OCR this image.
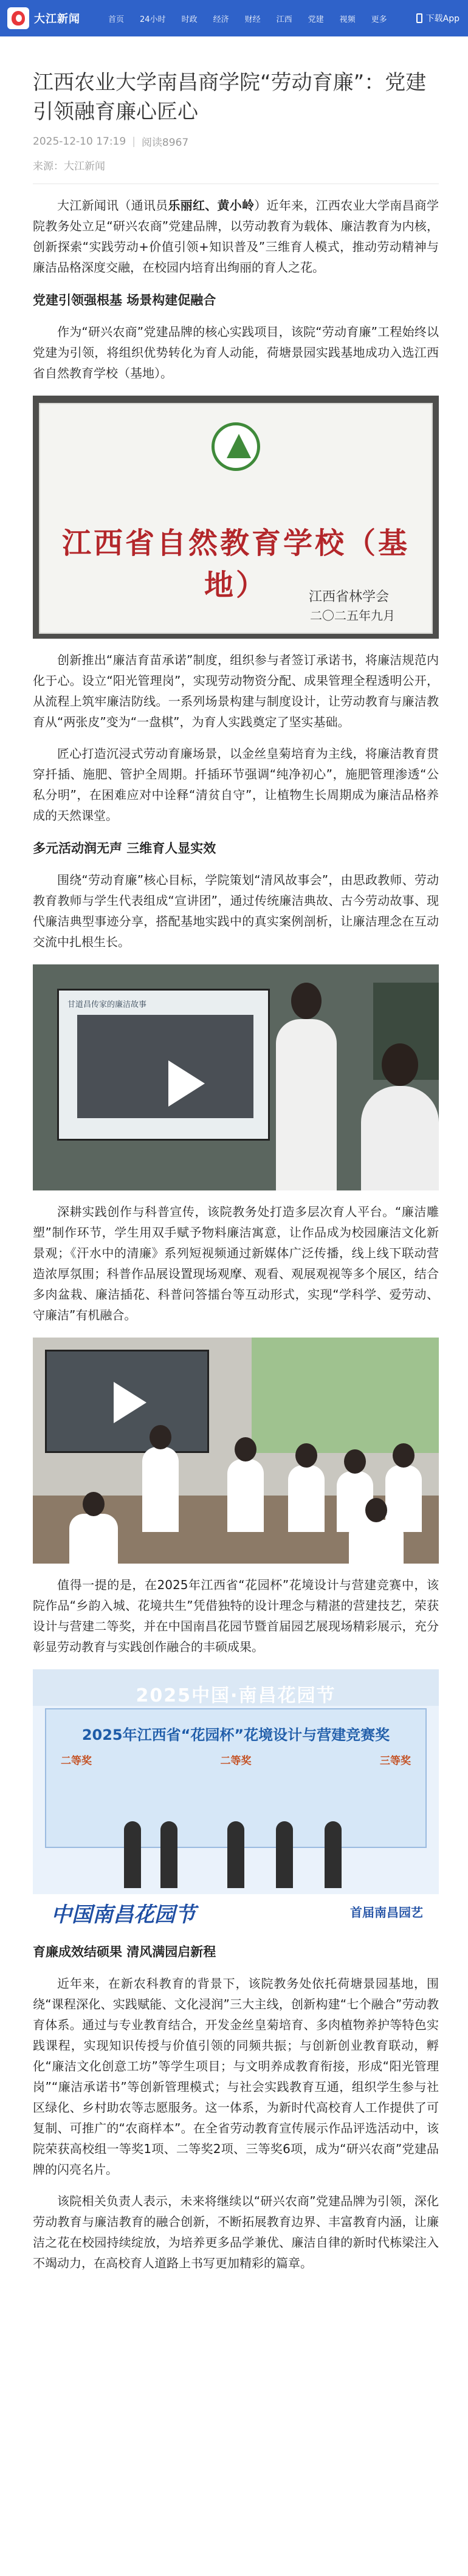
大江新闻	首页 24小时 时政 经济 财经 江西 党建 视频 更多	下载App
江西农业大学南昌商学院“劳动育廉”：党建引领融育廉心匠心
2025-12-10 17:19 | 阅读8967
来源：大江新闻

大江新闻讯（通讯员乐丽红、黄小岭）近年来，江西农业大学南昌商学院教务处立足“研兴农商”党建品牌，以劳动教育为载体、廉洁教育为内核，创新探索“实践劳动+价值引领+知识普及”三维育人模式，推动劳动精神与廉洁品格深度交融，在校园内培育出绚丽的育人之花。

党建引领强根基 场景构建促融合

作为“研兴农商”党建品牌的核心实践项目，该院“劳动育廉”工程始终以党建为引领，将组织优势转化为育人动能，荷塘景园实践基地成功入选江西省自然教育学校（基地）。

江西省自然教育学校（基地）	江西省林学会
二〇二五年九月

创新推出“廉洁育苗承诺”制度，组织参与者签订承诺书，将廉洁规范内化于心。设立“阳光管理岗”，实现劳动物资分配、成果管理全程透明公开，从流程上筑牢廉洁防线。一系列场景构建与制度设计，让劳动教育与廉洁教育从“两张皮”变为“一盘棋”，为育人实践奠定了坚实基础。

匠心打造沉浸式劳动育廉场景，以金丝皇菊培育为主线，将廉洁教育贯穿扦插、施肥、管护全周期。扦插环节强调“纯净初心”，施肥管理渗透“公私分明”，在困难应对中诠释“清贫自守”，让植物生长周期成为廉洁品格养成的天然课堂。

多元活动润无声 三维育人显实效

围绕“劳动育廉”核心目标，学院策划“清风故事会”，由思政教师、劳动教育教师与学生代表组成“宣讲团”，通过传统廉洁典故、古今劳动故事、现代廉洁典型事迹分享，搭配基地实践中的真实案例剖析，让廉洁理念在互动交流中扎根生长。

甘道昌传家的廉洁故事

深耕实践创作与科普宣传，该院教务处打造多层次育人平台。“廉洁雕塑”制作环节，学生用双手赋予物料廉洁寓意，让作品成为校园廉洁文化新景观；《汗水中的清廉》系列短视频通过新媒体广泛传播，线上线下联动营造浓厚氛围；科普作品展设置现场观摩、观看、观展观视等多个展区，结合多肉盆栽、廉洁插花、科普问答擂台等互动形式，实现“学科学、爱劳动、守廉洁”有机融合。

值得一提的是，在2025年江西省“花园杯”花境设计与营建竞赛中，该院作品“乡韵入城、花境共生”凭借独特的设计理念与精湛的营建技艺，荣获设计与营建二等奖，并在中国南昌花园节暨首届园艺展现场精彩展示，充分彰显劳动教育与实践创作融合的丰硕成果。

2025中国·南昌花园节
2025年江西省“花园杯”花境设计与营建竞赛奖
二等奖	二等奖	三等奖
中国南昌花园节	首届南昌园艺
育廉成效结硕果 清风满园启新程

近年来，在新农科教育的背景下，该院教务处依托荷塘景园基地，围绕“课程深化、实践赋能、文化浸润”三大主线，创新构建“七个融合”劳动教育体系。通过与专业教育结合，开发金丝皇菊培育、多肉植物养护等特色实践课程，实现知识传授与价值引领的同频共振；与创新创业教育联动，孵化“廉洁文化创意工坊”等学生项目；与文明养成教育衔接，形成“阳光管理岗”“廉洁承诺书”等创新管理模式；与社会实践教育互通，组织学生参与社区绿化、乡村助农等志愿服务。这一体系，为新时代高校育人工作提供了可复制、可推广的“农商样本”。在全省劳动教育宣传展示作品评选活动中，该院荣获高校组一等奖1项、二等奖2项、三等奖6项，成为“研兴农商”党建品牌的闪亮名片。

该院相关负责人表示，未来将继续以“研兴农商”党建品牌为引领，深化劳动教育与廉洁教育的融合创新，不断拓展教育边界、丰富教育内涵，让廉洁之花在校园持续绽放，为培养更多品学兼优、廉洁自律的新时代栋梁注入不竭动力，在高校育人道路上书写更加精彩的篇章。
